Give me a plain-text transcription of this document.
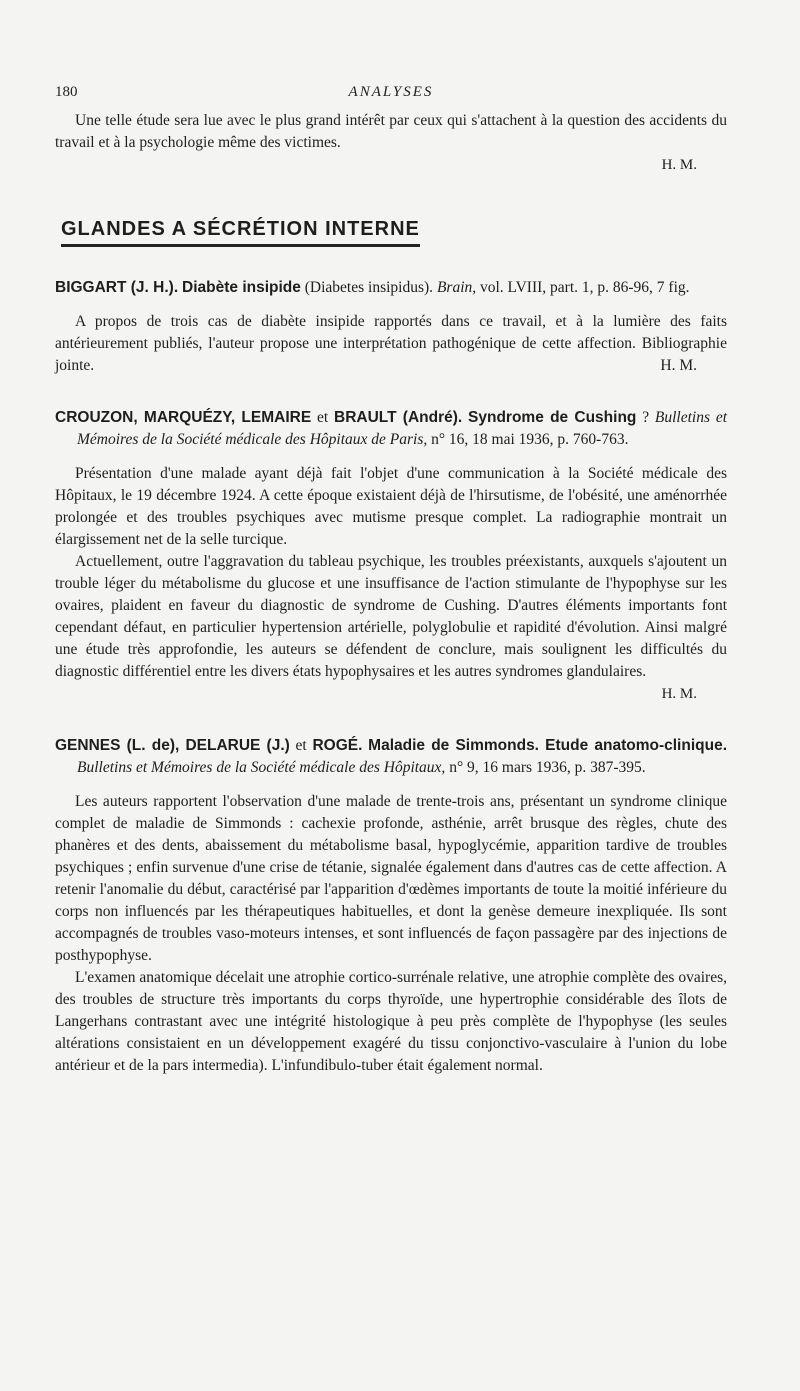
180	ANALYSES

Une telle étude sera lue avec le plus grand intérêt par ceux qui s'attachent à la question des accidents du travail et à la psychologie même des victimes.

H. M.
GLANDES A SÉCRÉTION INTERNE
BIGGART (J. H.). Diabète insipide (Diabetes insipidus). Brain, vol. LVIII, part. 1, p. 86-96, 7 fig.

A propos de trois cas de diabète insipide rapportés dans ce travail, et à la lumière des faits antérieurement publiés, l'auteur propose une interprétation pathogénique de cette affection. Bibliographie jointe.	H. M.

CROUZON, MARQUÉZY, LEMAIRE et BRAULT (André). Syndrome de Cushing ? Bulletins et Mémoires de la Société médicale des Hôpitaux de Paris, n° 16, 18 mai 1936, p. 760-763.

Présentation d'une malade ayant déjà fait l'objet d'une communication à la Société médicale des Hôpitaux, le 19 décembre 1924. A cette époque existaient déjà de l'hirsutisme, de l'obésité, une aménorrhée prolongée et des troubles psychiques avec mutisme presque complet. La radiographie montrait un élargissement net de la selle turcique.

Actuellement, outre l'aggravation du tableau psychique, les troubles préexistants, auxquels s'ajoutent un trouble léger du métabolisme du glucose et une insuffisance de l'action stimulante de l'hypophyse sur les ovaires, plaident en faveur du diagnostic de syndrome de Cushing. D'autres éléments importants font cependant défaut, en particulier hypertension artérielle, polyglobulie et rapidité d'évolution. Ainsi malgré une étude très approfondie, les auteurs se défendent de conclure, mais soulignent les difficultés du diagnostic différentiel entre les divers états hypophysaires et les autres syndromes glandulaires.

H. M.
GENNES (L. de), DELARUE (J.) et ROGÉ. Maladie de Simmonds. Etude anatomo-clinique. Bulletins et Mémoires de la Société médicale des Hôpitaux, n° 9, 16 mars 1936, p. 387-395.

Les auteurs rapportent l'observation d'une malade de trente-trois ans, présentant un syndrome clinique complet de maladie de Simmonds : cachexie profonde, asthénie, arrêt brusque des règles, chute des phanères et des dents, abaissement du métabolisme basal, hypoglycémie, apparition tardive de troubles psychiques ; enfin survenue d'une crise de tétanie, signalée également dans d'autres cas de cette affection. A retenir l'anomalie du début, caractérisé par l'apparition d'œdèmes importants de toute la moitié inférieure du corps non influencés par les thérapeutiques habituelles, et dont la genèse demeure inexpliquée. Ils sont accompagnés de troubles vaso-moteurs intenses, et sont influencés de façon passagère par des injections de posthypophyse.

L'examen anatomique décelait une atrophie cortico-surrénale relative, une atrophie complète des ovaires, des troubles de structure très importants du corps thyroïde, une hypertrophie considérable des îlots de Langerhans contrastant avec une intégrité histologique à peu près complète de l'hypophyse (les seules altérations consistaient en un développement exagéré du tissu conjonctivo-vasculaire à l'union du lobe antérieur et de la pars intermedia). L'infundibulo-tuber était également normal.
